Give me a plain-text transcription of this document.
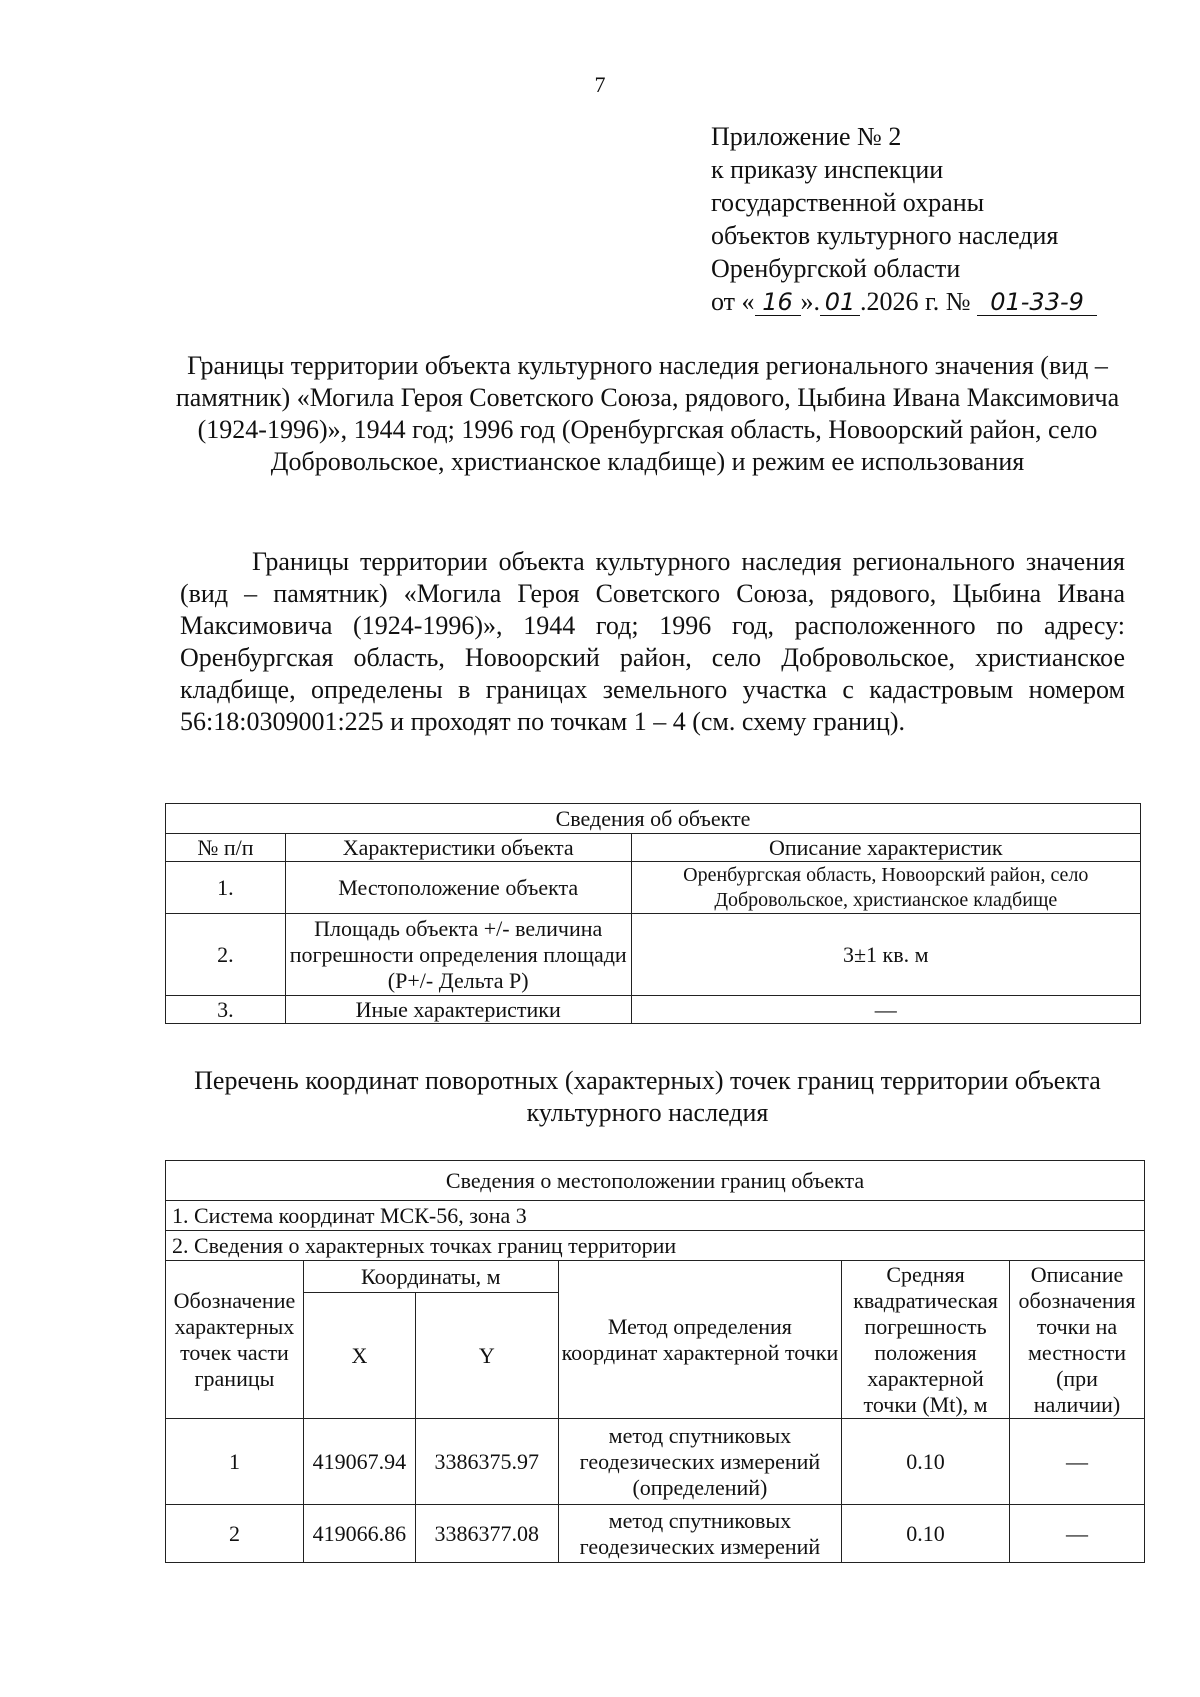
7
Приложение № 2
к приказу инспекции
государственной охраны
объектов культурного наследия
Оренбургской области
от « 16 ». 01 .2026 г. № 01-33-9
Границы территории объекта культурного наследия регионального значения (вид – памятник) «Могила Героя Советского Союза, рядового, Цыбина Ивана Максимовича (1924-1996)», 1944 год; 1996 год (Оренбургская область, Новоорский район, село Добровольское, христианское кладбище) и режим ее использования
Границы территории объекта культурного наследия регионального значения (вид – памятник) «Могила Героя Советского Союза, рядового, Цыбина Ивана Максимовича (1924-1996)», 1944 год; 1996 год, расположенного по адресу: Оренбургская область, Новоорский район, село Добровольское, христианское кладбище, определены в границах земельного участка с кадастровым номером 56:18:0309001:225 и проходят по точкам 1 – 4 (см. схему границ).
Сведения об объекте		
№ п/п	Характеристики объекта	Описание характеристик
1.	Местоположение объекта	Оренбургская область, Новоорский район, село Добровольское, христианское кладбище
2.	Площадь объекта +/- величина погрешности определения площади (Р+/- Дельта Р)	3±1 кв. м
3.	Иные характеристики	—
Перечень координат поворотных (характерных) точек границ территории объекта культурного наследия
Сведения о местоположении границ объекта					
1. Система координат МСК-56, зона 3					
2. Сведения о характерных точках границ территории					
Обозначение характерных точек части границы	Координаты, м		Метод определения координат характерной точки	Средняя квадратическая погрешность положения характерной точки (Mt), м	Описание обозначения точки на местности (при наличии)
	X	Y			
1	419067.94	3386375.97	метод спутниковых геодезических измерений (определений)	0.10	—
2	419066.86	3386377.08	метод спутниковых геодезических измерений	0.10	—
